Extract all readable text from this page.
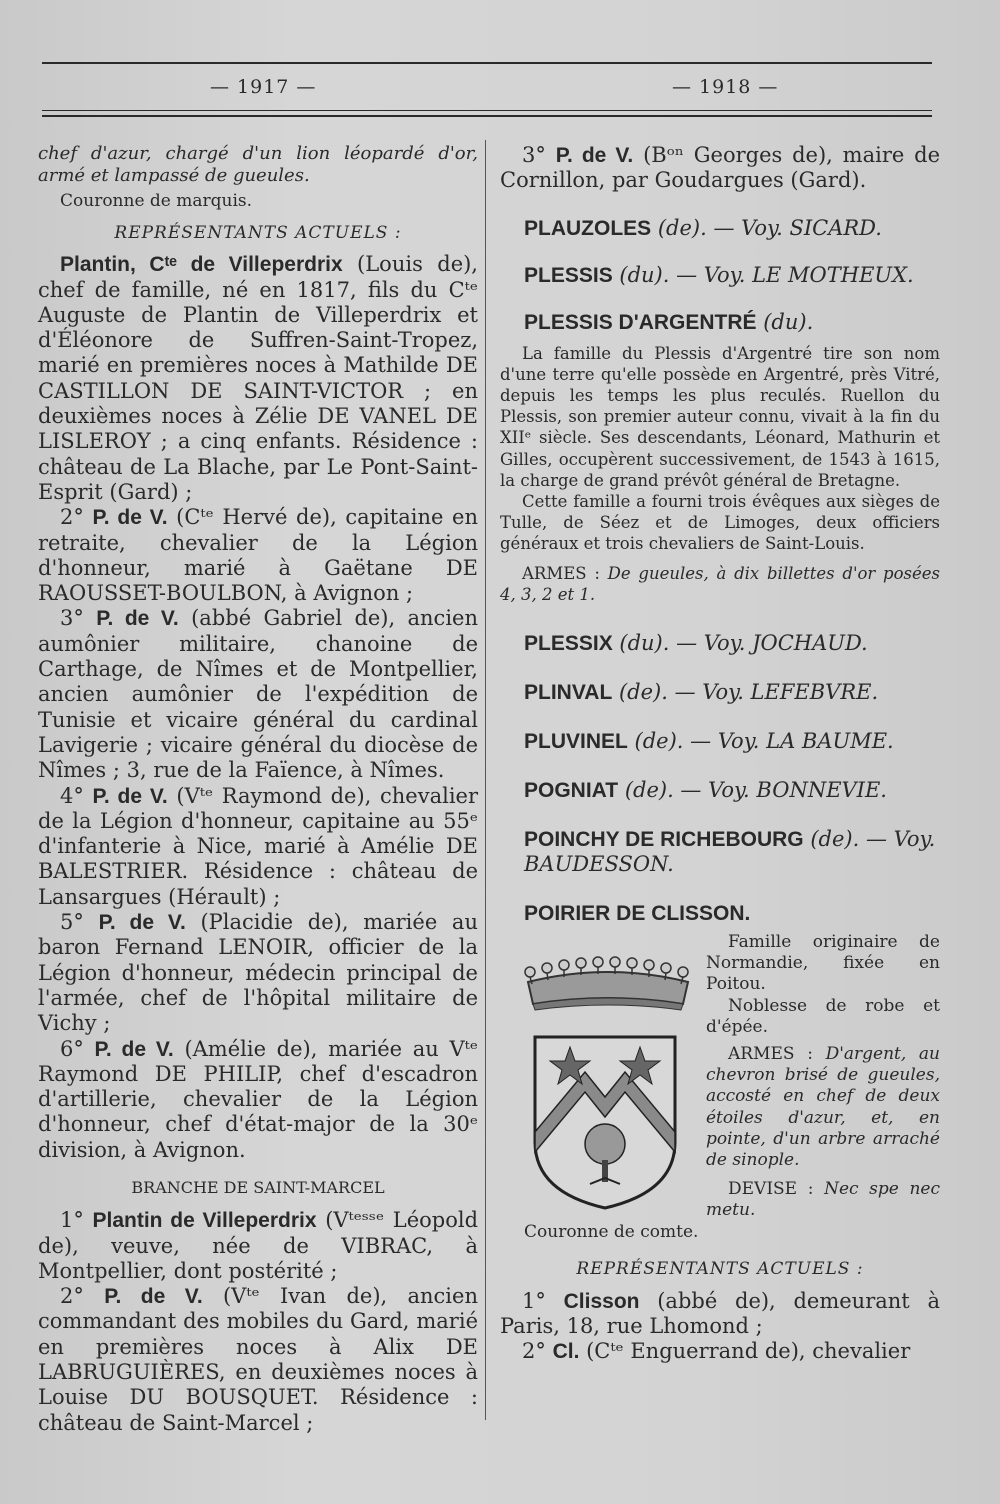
— 1917 —	— 1918 —

chef d'azur, chargé d'un lion léopardé d'or, armé et lampassé de gueules.

Couronne de marquis.

REPRÉSENTANTS ACTUELS :

Plantin, Cᵗᵉ de Villeperdrix (Louis de), chef de famille, né en 1817, fils du Cᵗᵉ Auguste de Plantin de Villeperdrix et d'Éléonore de Suffren-Saint-Tropez, marié en premières noces à Mathilde DE CASTILLON DE SAINT-VICTOR ; en deuxièmes noces à Zélie DE VANEL DE LISLEROY ; a cinq enfants. Résidence : château de La Blache, par Le Pont-Saint-Esprit (Gard) ;

2° P. de V. (Cᵗᵉ Hervé de), capitaine en retraite, chevalier de la Légion d'honneur, marié à Gaëtane DE RAOUSSET-BOULBON, à Avignon ;

3° P. de V. (abbé Gabriel de), ancien aumônier militaire, chanoine de Carthage, de Nîmes et de Montpellier, ancien aumônier de l'expédition de Tunisie et vicaire général du cardinal Lavigerie ; vicaire général du diocèse de Nîmes ; 3, rue de la Faïence, à Nîmes.

4° P. de V. (Vᵗᵉ Raymond de), chevalier de la Légion d'honneur, capitaine au 55ᵉ d'infanterie à Nice, marié à Amélie DE BALESTRIER. Résidence : château de Lansargues (Hérault) ;

5° P. de V. (Placidie de), mariée au baron Fernand LENOIR, officier de la Légion d'honneur, médecin principal de l'armée, chef de l'hôpital militaire de Vichy ;

6° P. de V. (Amélie de), mariée au Vᵗᵉ Raymond DE PHILIP, chef d'escadron d'artillerie, chevalier de la Légion d'honneur, chef d'état-major de la 30ᵉ division, à Avignon.

BRANCHE DE SAINT-MARCEL

1° Plantin de Villeperdrix (Vᵗᵉˢˢᵉ Léopold de), veuve, née de VIBRAC, à Montpellier, dont postérité ;

2° P. de V. (Vᵗᵉ Ivan de), ancien commandant des mobiles du Gard, marié en premières noces à Alix DE LABRUGUIÈRES, en deuxièmes noces à Louise DU BOUSQUET. Résidence : château de Saint-Marcel ;

3° P. de V. (Bᵒⁿ Georges de), maire de Cornillon, par Goudargues (Gard).

PLAUZOLES (de). — Voy. SICARD.

PLESSIS (du). — Voy. LE MOTHEUX.

PLESSIS D'ARGENTRÉ (du).

La famille du Plessis d'Argentré tire son nom d'une terre qu'elle possède en Argentré, près Vitré, depuis les temps les plus reculés. Ruellon du Plessis, son premier auteur connu, vivait à la fin du XIIᵉ siècle. Ses descendants, Léonard, Mathurin et Gilles, occupèrent successivement, de 1543 à 1615, la charge de grand prévôt général de Bretagne.

Cette famille a fourni trois évêques aux sièges de Tulle, de Séez et de Limoges, deux officiers généraux et trois chevaliers de Saint-Louis.

ARMES : De gueules, à dix billettes d'or posées 4, 3, 2 et 1.

PLESSIX (du). — Voy. JOCHAUD.

PLINVAL (de). — Voy. LEFEBVRE.

PLUVINEL (de). — Voy. LA BAUME.

POGNIAT (de). — Voy. BONNEVIE.

POINCHY DE RICHEBOURG (de). — Voy. BAUDESSON.

POIRIER DE CLISSON.

Famille originaire de Normandie, fixée en Poitou.

Noblesse de robe et d'épée.

ARMES : D'argent, au chevron brisé de gueules, accosté en chef de deux étoiles d'azur, et, en pointe, d'un arbre arraché de sinople.

DEVISE : Nec spe nec metu.

Couronne de comte.

REPRÉSENTANTS ACTUELS :

1° Clisson (abbé de), demeurant à Paris, 18, rue Lhomond ;

2° Cl. (Cᵗᵉ Enguerrand de), chevalier
